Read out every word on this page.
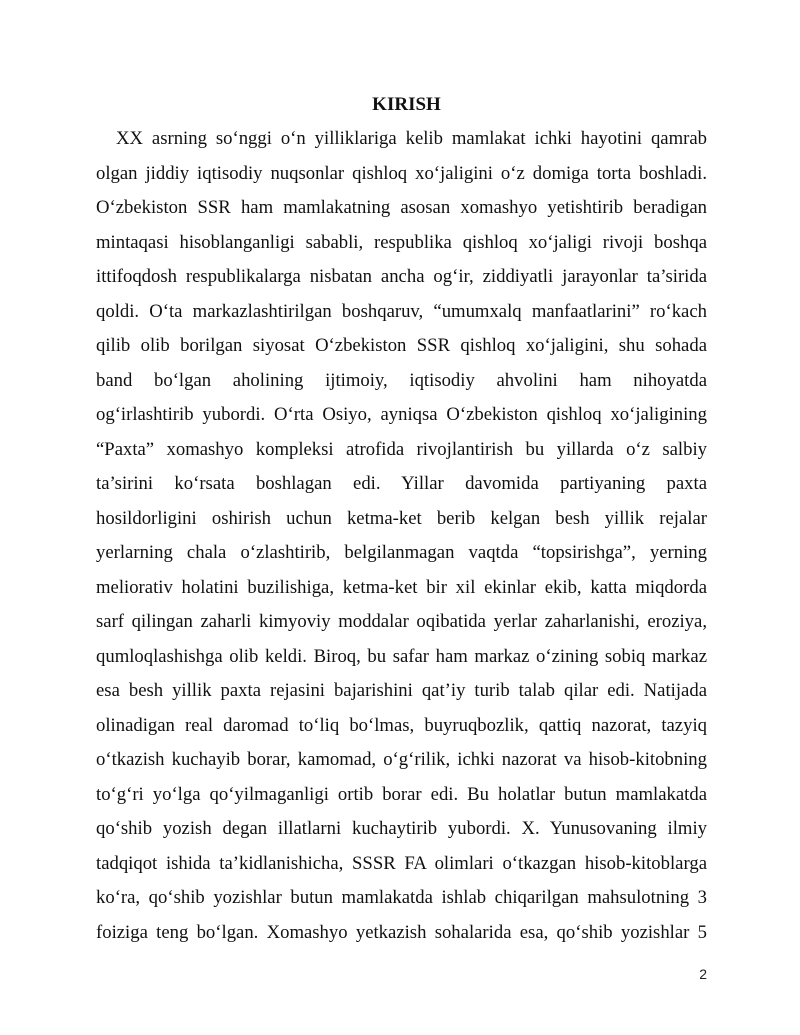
KIRISH
XX asrning so‘nggi o‘n yilliklariga kelib mamlakat ichki hayotini qamrab
olgan jiddiy iqtisodiy nuqsonlar qishloq xo‘jaligini o‘z domiga torta boshladi.
O‘zbekiston SSR ham mamlakatning asosan xomashyo yetishtirib beradigan
mintaqasi hisoblanganligi sababli, respublika qishloq xo‘jaligi rivoji boshqa
ittifoqdosh respublikalarga nisbatan ancha og‘ir, ziddiyatli jarayonlar ta’sirida
qoldi. O‘ta markazlashtirilgan boshqaruv, “umumxalq manfaatlarini” ro‘kach
qilib olib borilgan siyosat O‘zbekiston SSR qishloq xo‘jaligini, shu sohada
band bo‘lgan aholining ijtimoiy, iqtisodiy ahvolini ham nihoyatda
og‘irlashtirib yubordi. O‘rta Osiyo, ayniqsa O‘zbekiston qishloq xo‘jaligining
“Paxta” xomashyo kompleksi atrofida rivojlantirish bu yillarda o‘z salbiy
ta’sirini ko‘rsata boshlagan edi. Yillar davomida partiyaning paxta
hosildorligini oshirish uchun ketma-ket berib kelgan besh yillik rejalar
yerlarning chala o‘zlashtirib, belgilanmagan vaqtda “topsirishga”, yerning
meliorativ holatini buzilishiga, ketma-ket bir xil ekinlar ekib, katta miqdorda
sarf qilingan zaharli kimyoviy moddalar oqibatida yerlar zaharlanishi, eroziya,
qumloqlashishga olib keldi. Biroq, bu safar ham markaz o‘zining sobiq markaz
esa besh yillik paxta rejasini bajarishini qat’iy turib talab qilar edi. Natijada
olinadigan real daromad to‘liq bo‘lmas, buyruqbozlik, qattiq nazorat, tazyiq
o‘tkazish kuchayib borar, kamomad, o‘g‘rilik, ichki nazorat va hisob-kitobning
to‘g‘ri yo‘lga qo‘yilmaganligi ortib borar edi. Bu holatlar butun mamlakatda
qo‘shib yozish degan illatlarni kuchaytirib yubordi. X. Yunusovaning ilmiy
tadqiqot ishida ta’kidlanishicha, SSSR FA olimlari o‘tkazgan hisob-kitoblarga
ko‘ra, qo‘shib yozishlar butun mamlakatda ishlab chiqarilgan mahsulotning 3
foiziga teng bo‘lgan. Xomashyo yetkazish sohalarida esa, qo‘shib yozishlar 5
2
